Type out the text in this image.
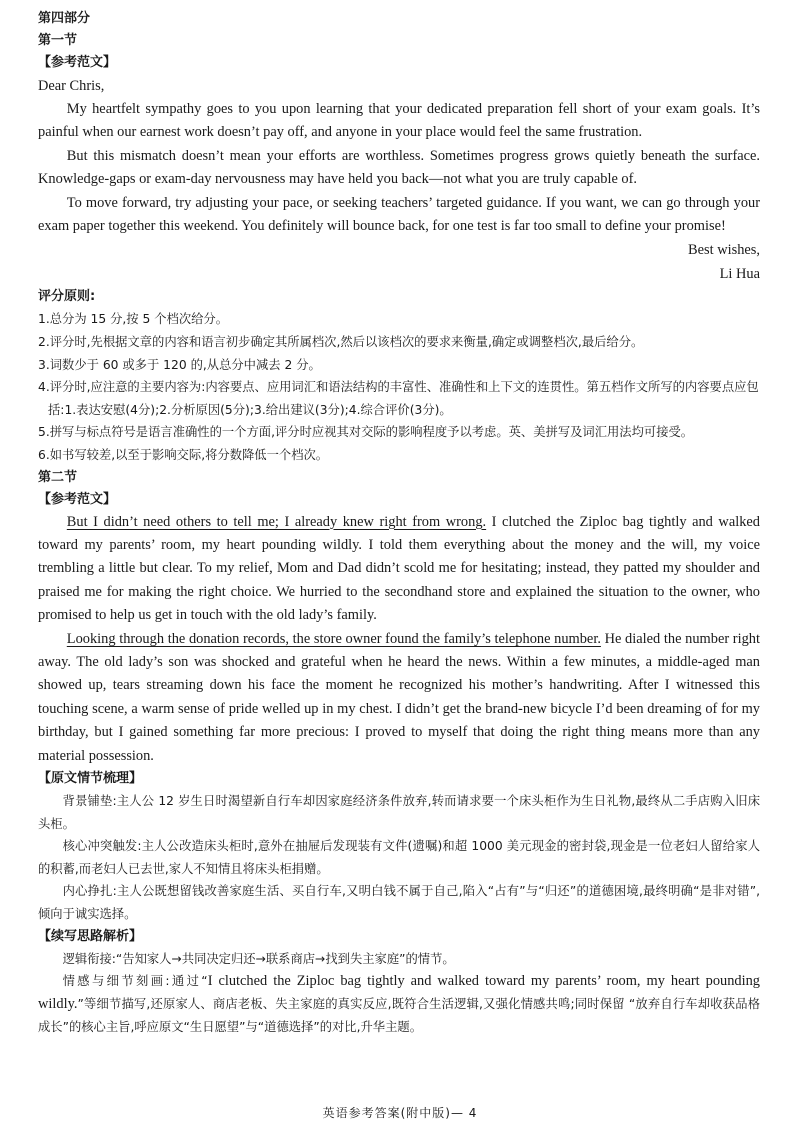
第四部分
第一节
【参考范文】
Dear Chris,

My heartfelt sympathy goes to you upon learning that your dedicated preparation fell short of your exam goals. It’s painful when our earnest work doesn’t pay off, and anyone in your place would feel the same frustration.

But this mismatch doesn’t mean your efforts are worthless. Sometimes progress grows quietly beneath the surface. Knowledge-gaps or exam-day nervousness may have held you back—not what you are truly capable of.

To move forward, try adjusting your pace, or seeking teachers’ targeted guidance. If you want, we can go through your exam paper together this weekend. You definitely will bounce back, for one test is far too small to define your promise!

Best wishes,
Li Hua
评分原则:

1.总分为 15 分,按 5 个档次给分。

2.评分时,先根据文章的内容和语言初步确定其所属档次,然后以该档次的要求来衡量,确定或调整档次,最后给分。

3.词数少于 60 或多于 120 的,从总分中减去 2 分。

4.评分时,应注意的主要内容为:内容要点、应用词汇和语法结构的丰富性、准确性和上下文的连贯性。第五档作文所写的内容要点应包括:1.表达安慰(4分);2.分析原因(5分);3.给出建议(3分);4.综合评价(3分)。

5.拼写与标点符号是语言准确性的一个方面,评分时应视其对交际的影响程度予以考虑。英、美拼写及词汇用法均可接受。

6.如书写较差,以至于影响交际,将分数降低一个档次。

第二节
【参考范文】

But I didn’t need others to tell me; I already knew right from wrong. I clutched the Ziploc bag tightly and walked toward my parents’ room, my heart pounding wildly. I told them everything about the money and the will, my voice trembling a little but clear. To my relief, Mom and Dad didn’t scold me for hesitating; instead, they patted my shoulder and praised me for making the right choice. We hurried to the secondhand store and explained the situation to the owner, who promised to help us get in touch with the old lady’s family.

Looking through the donation records, the store owner found the family’s telephone number. He dialed the number right away. The old lady’s son was shocked and grateful when he heard the news. Within a few minutes, a middle-aged man showed up, tears streaming down his face the moment he recognized his mother’s handwriting. After I witnessed this touching scene, a warm sense of pride welled up in my chest. I didn’t get the brand-new bicycle I’d been dreaming of for my birthday, but I gained something far more precious: I proved to myself that doing the right thing means more than any material possession.

【原文情节梳理】

背景铺垫:主人公 12 岁生日时渴望新自行车却因家庭经济条件放弃,转而请求要一个床头柜作为生日礼物,最终从二手店购入旧床头柜。

核心冲突触发:主人公改造床头柜时,意外在抽屉后发现装有文件(遗嘱)和超 1000 美元现金的密封袋,现金是一位老妇人留给家人的积蓄,而老妇人已去世,家人不知情且将床头柜捐赠。

内心挣扎:主人公既想留钱改善家庭生活、买自行车,又明白钱不属于自己,陷入“占有”与“归还”的道德困境,最终明确“是非对错”,倾向于诚实选择。

【续写思路解析】

逻辑衔接:“告知家人→共同决定归还→联系商店→找到失主家庭”的情节。

情感与细节刻画:通过“I clutched the Ziploc bag tightly and walked toward my parents’ room, my heart pounding wildly.”等细节描写,还原家人、商店老板、失主家庭的真实反应,既符合生活逻辑,又强化情感共鸣;同时保留 “放弃自行车却收获品格成长”的核心主旨,呼应原文“生日愿望”与“道德选择”的对比,升华主题。

英语参考答案(附中版)— 4
